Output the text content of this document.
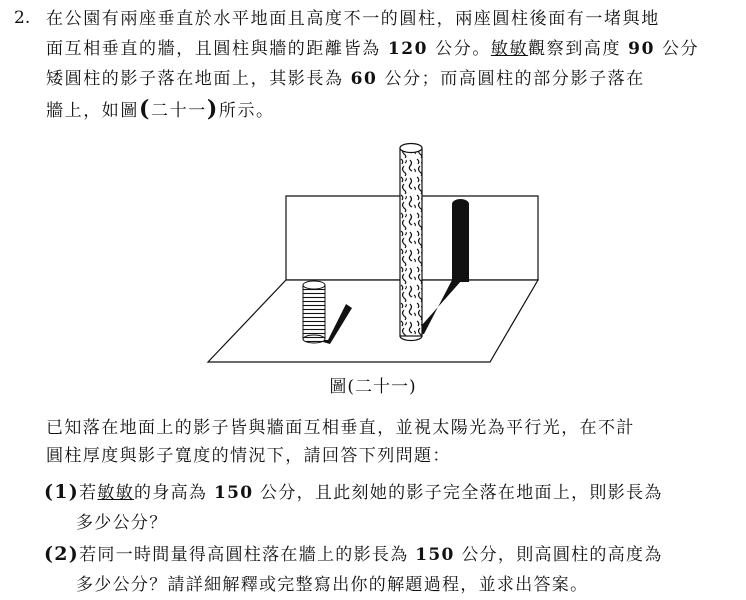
2. 在公園有兩座垂直於水平地面且高度不一的圓柱，兩座圓柱後面有一堵與地
面互相垂直的牆，且圓柱與牆的距離皆為 120 公分。敏敏觀察到高度 90 公分
矮圓柱的影子落在地面上，其影長為 60 公分；而高圓柱的部分影子落在
牆上，如圖(二十一)所示。
圖(二十一)
已知落在地面上的影子皆與牆面互相垂直，並視太陽光為平行光，在不計
圓柱厚度與影子寬度的情況下，請回答下列問題：
(1)若敏敏的身高為 150 公分，且此刻她的影子完全落在地面上，則影長為
多少公分？
(2)若同一時間量得高圓柱落在牆上的影長為 150 公分，則高圓柱的高度為
多少公分？請詳細解釋或完整寫出你的解題過程，並求出答案。
